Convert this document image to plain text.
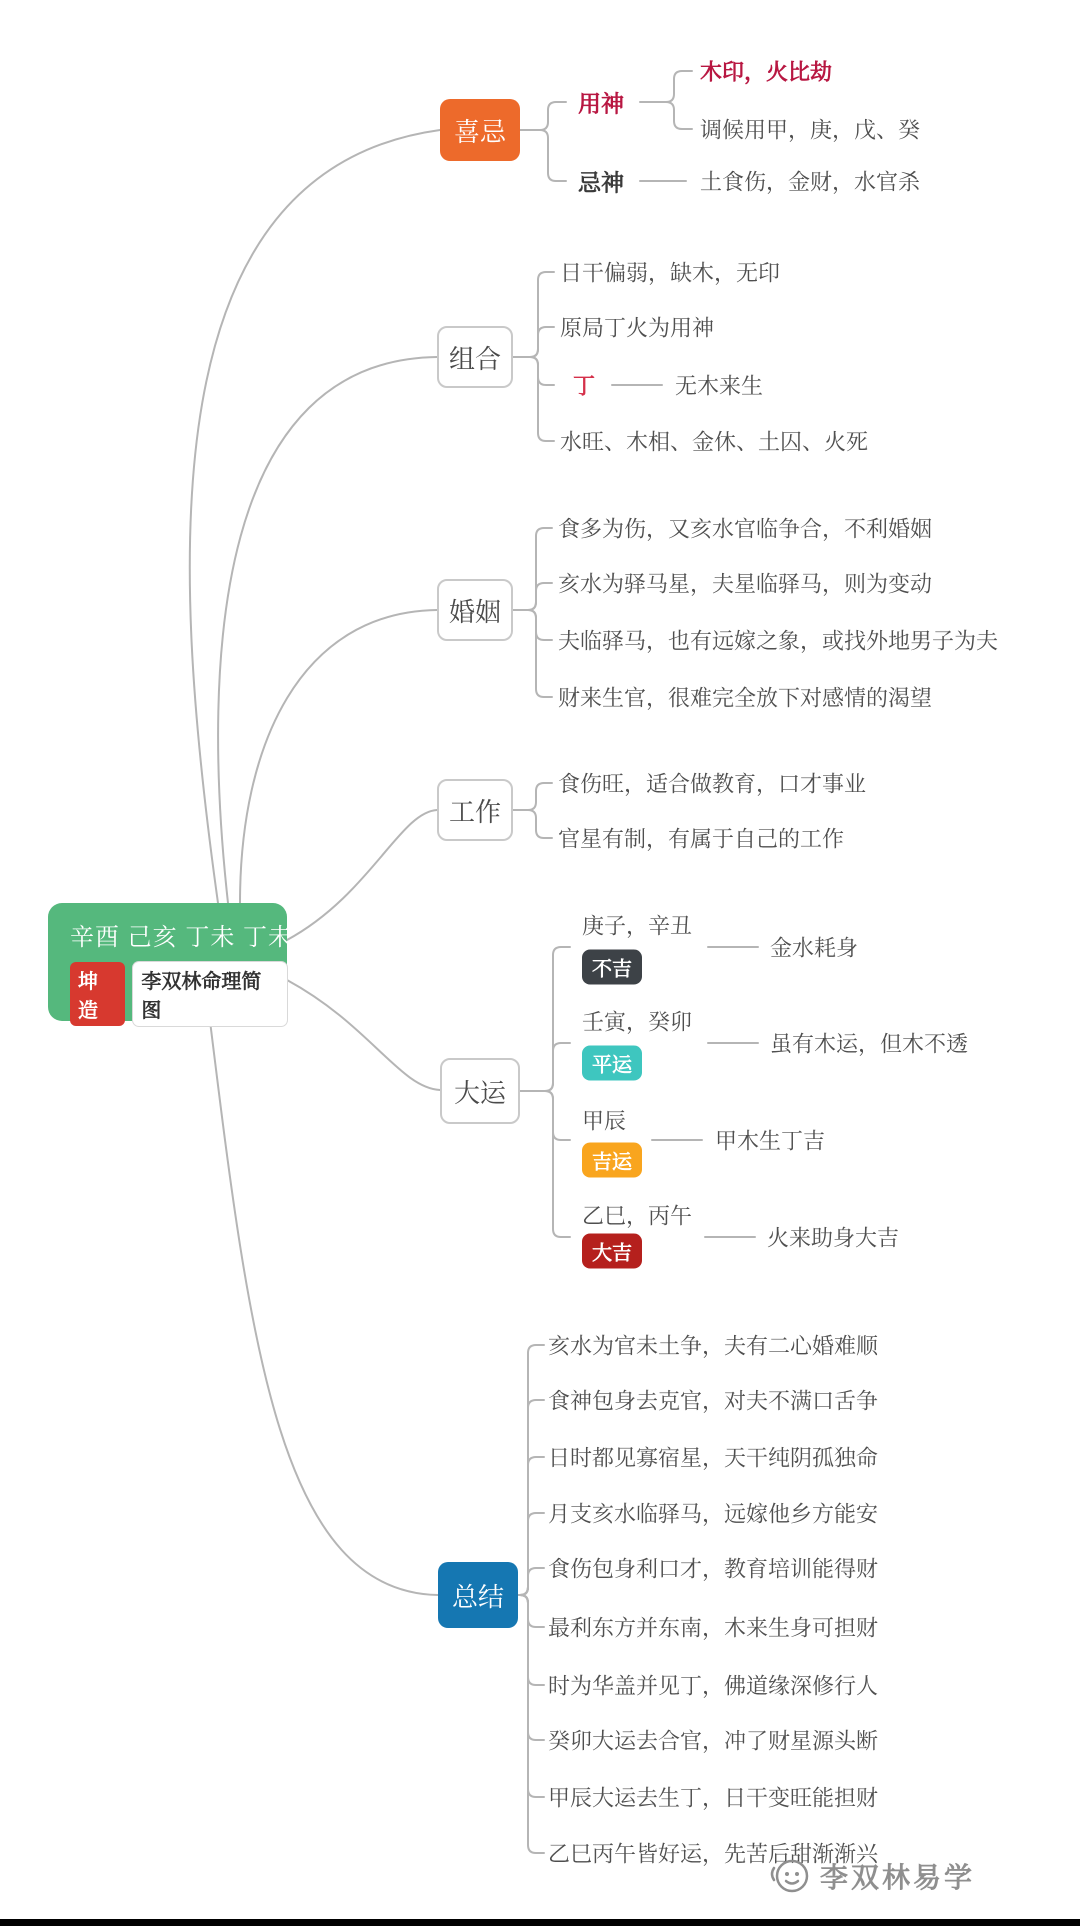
辛酉 己亥 丁未 丁未
坤造
李双林命理简图
喜忌
组合
婚姻
工作
大运
总结
用神
木印，火比劫
调候用甲，庚，戊、癸
忌神	土食伤，金财，水官杀
日干偏弱，缺木，无印
原局丁火为用神
丁	无木来生
水旺、木相、金休、土囚、火死
食多为伤，又亥水官临争合，不利婚姻
亥水为驿马星，夫星临驿马，则为变动
夫临驿马，也有远嫁之象，或找外地男子为夫
财来生官，很难完全放下对感情的渴望
食伤旺，适合做教育，口才事业
官星有制，有属于自己的工作
庚子，辛丑
不吉
金水耗身
壬寅，癸卯
平运
虽有木运，但木不透
甲辰
吉运
甲木生丁吉
乙巳，丙午
大吉
火来助身大吉
亥水为官未土争，夫有二心婚难顺
食神包身去克官，对夫不满口舌争
日时都见寡宿星，天干纯阴孤独命
月支亥水临驿马，远嫁他乡方能安
食伤包身利口才，教育培训能得财
最利东方并东南，木来生身可担财
时为华盖并见丁，佛道缘深修行人
癸卯大运去合官，冲了财星源头断
甲辰大运去生丁，日干变旺能担财
乙巳丙午皆好运，先苦后甜渐渐兴
李双林易学
